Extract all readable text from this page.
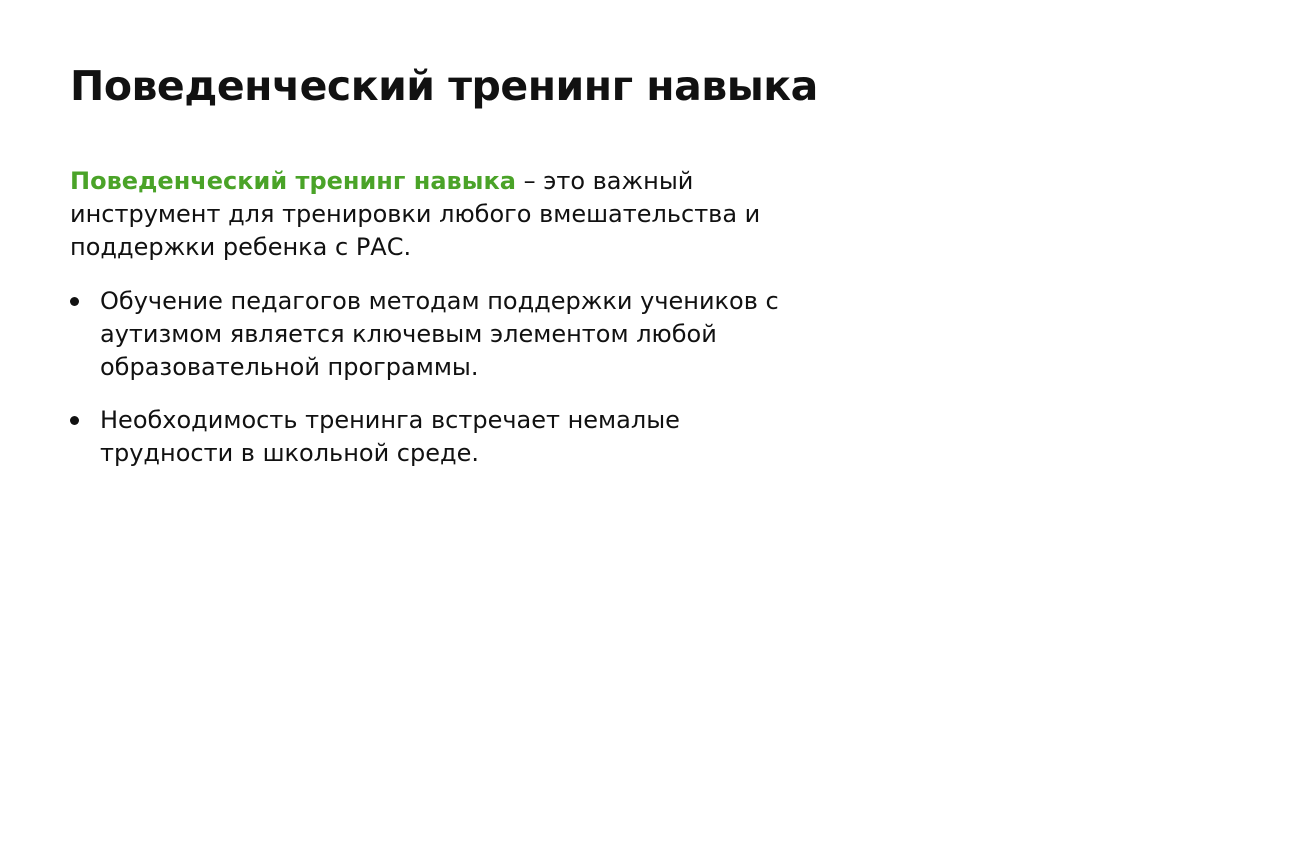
Поведенческий тренинг навыка

Поведенческий тренинг навыка – это важный инструмент для тренировки любого вмешательства и поддержки ребенка с РАС.

Обучение педагогов методам поддержки учеников с аутизмом является ключевым элементом любой образовательной программы.
Необходимость тренинга встречает немалые трудности в школьной среде.
